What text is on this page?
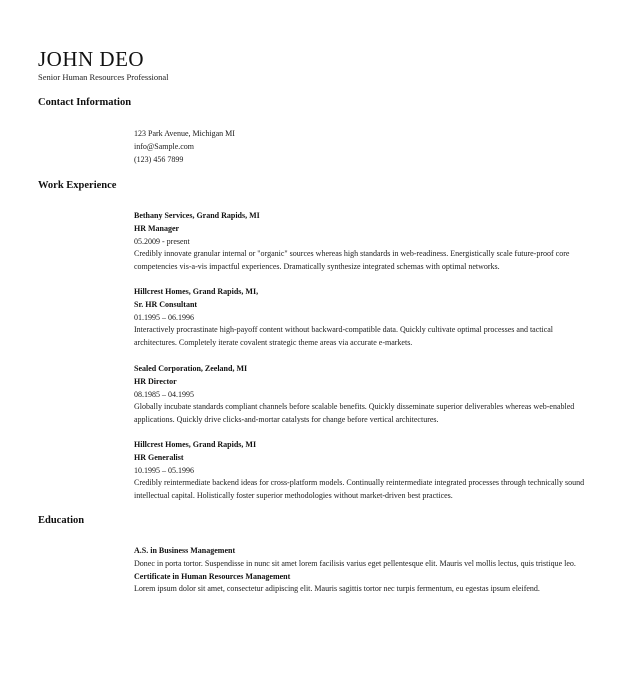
JOHN DEO
Senior Human Resources Professional
Contact Information
123 Park Avenue, Michigan MI
info@Sample.com
(123) 456 7899
Work Experience
Bethany Services, Grand Rapids, MI
HR Manager
05.2009 - present
Credibly innovate granular internal or "organic" sources whereas high standards in web-readiness. Energistically scale future-proof core competencies vis-a-vis impactful experiences. Dramatically synthesize integrated schemas with optimal networks.
Hillcrest Homes, Grand Rapids, MI,
Sr. HR Consultant
01.1995 – 06.1996
Interactively procrastinate high-payoff content without backward-compatible data. Quickly cultivate optimal processes and tactical architectures. Completely iterate covalent strategic theme areas via accurate e-markets.
Sealed Corporation, Zeeland, MI
HR Director
08.1985 – 04.1995
Globally incubate standards compliant channels before scalable benefits. Quickly disseminate superior deliverables whereas web-enabled applications. Quickly drive clicks-and-mortar catalysts for change before vertical architectures.
Hillcrest Homes, Grand Rapids, MI
HR Generalist
10.1995 – 05.1996
Credibly reintermediate backend ideas for cross-platform models. Continually reintermediate integrated processes through technically sound intellectual capital. Holistically foster superior methodologies without market-driven best practices.
Education
A.S. in Business Management
Donec in porta tortor. Suspendisse in nunc sit amet lorem facilisis varius eget pellentesque elit. Mauris vel mollis lectus, quis tristique leo.
Certificate in Human Resources Management
Lorem ipsum dolor sit amet, consectetur adipiscing elit. Mauris sagittis tortor nec turpis fermentum, eu egestas ipsum eleifend.
